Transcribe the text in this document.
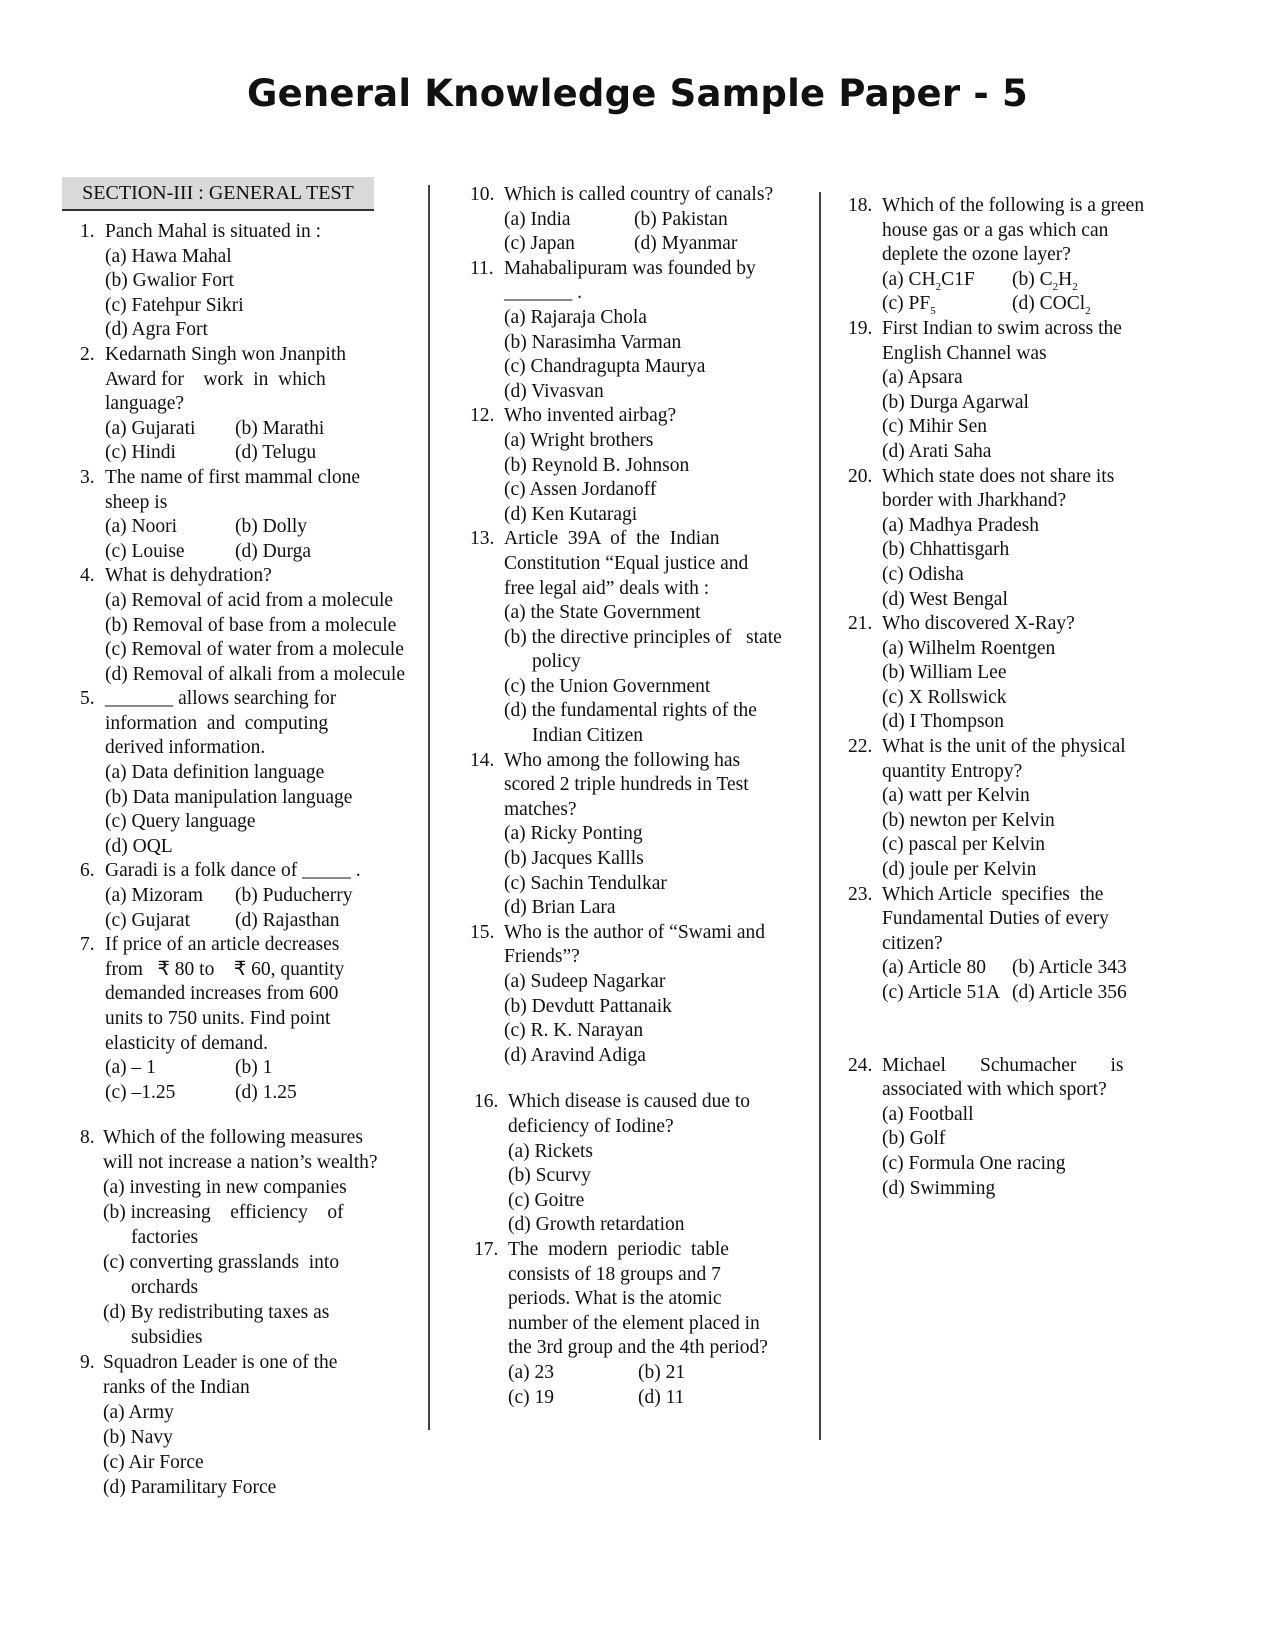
General Knowledge Sample Paper - 5
SECTION-III : GENERAL TEST
1. Panch Mahal is situated in :
(a) Hawa Mahal
(b) Gwalior Fort
(c) Fatehpur Sikri
(d) Agra Fort
2. Kedarnath Singh won Jnanpith
Award for    work  in  which
language?
(a) Gujarati	(b) Marathi
(c) Hindi	(d) Telugu
3. The name of first mammal clone
sheep is
(a) Noori	(b) Dolly
(c) Louise	(d) Durga
4. What is dehydration?
(a) Removal of acid from a molecule
(b) Removal of base from a molecule
(c) Removal of water from a molecule
(d) Removal of alkali from a molecule
5. _______ allows searching for
information  and  computing
derived information.
(a) Data definition language
(b) Data manipulation language
(c) Query language
(d) OQL
6. Garadi is a folk dance of _____ .
(a) Mizoram	(b) Puducherry
(c) Gujarat	(d) Rajasthan
7. If price of an article decreases
from   ₹ 80 to    ₹ 60, quantity
demanded increases from 600
units to 750 units. Find point
elasticity of demand.
(a) – 1	(b) 1
(c) –1.25	(d) 1.25
8. Which of the following measures
will not increase a nation’s wealth?
(a) investing in new companies
(b) increasing    efficiency    of
factories
(c) converting grasslands  into
orchards
(d) By redistributing taxes as
subsidies
9. Squadron Leader is one of the
ranks of the Indian
(a) Army
(b) Navy
(c) Air Force
(d) Paramilitary Force
10. Which is called country of canals?
(a) India	(b) Pakistan
(c) Japan	(d) Myanmar
11. Mahabalipuram was founded by
_______ .
(a) Rajaraja Chola
(b) Narasimha Varman
(c) Chandragupta Maurya
(d) Vivasvan
12. Who invented airbag?
(a) Wright brothers
(b) Reynold B. Johnson
(c) Assen Jordanoff
(d) Ken Kutaragi
13. Article  39A  of  the  Indian
Constitution “Equal justice and
free legal aid” deals with :
(a) the State Government
(b) the directive principles of   state
policy
(c) the Union Government
(d) the fundamental rights of the
Indian Citizen
14. Who among the following has
scored 2 triple hundreds in Test
matches?
(a) Ricky Ponting
(b) Jacques Kallls
(c) Sachin Tendulkar
(d) Brian Lara
15. Who is the author of “Swami and
Friends”?
(a) Sudeep Nagarkar
(b) Devdutt Pattanaik
(c) R. K. Narayan
(d) Aravind Adiga
16. Which disease is caused due to
deficiency of Iodine?
(a) Rickets
(b) Scurvy
(c) Goitre
(d) Growth retardation
17. The  modern  periodic  table
consists of 18 groups and 7
periods. What is the atomic
number of the element placed in
the 3rd group and the 4th period?
(a) 23	(b) 21
(c) 19	(d) 11
18. Which of the following is a green
house gas or a gas which can
deplete the ozone layer?
(a) $CH_2C1F$	(b) $C_2H_2$
(c) $PF_5$	(d) COCl$_2$
19. First Indian to swim across the
English Channel was
(a) Apsara
(b) Durga Agarwal
(c) Mihir Sen
(d) Arati Saha
20. Which state does not share its
border with Jharkhand?
(a) Madhya Pradesh
(b) Chhattisgarh
(c) Odisha
(d) West Bengal
21. Who discovered X-Ray?
(a) Wilhelm Roentgen
(b) William Lee
(c) X Rollswick
(d) I Thompson
22. What is the unit of the physical
quantity Entropy?
(a) watt per Kelvin
(b) newton per Kelvin
(c) pascal per Kelvin
(d) joule per Kelvin
23. Which Article  specifies  the
Fundamental Duties of every
citizen?
(a) Article 80	(b) Article 343
(c) Article 51A (d) Article 356
24. Michael       Schumacher       is
associated with which sport?
(a) Football
(b) Golf
(c) Formula One racing
(d) Swimming
